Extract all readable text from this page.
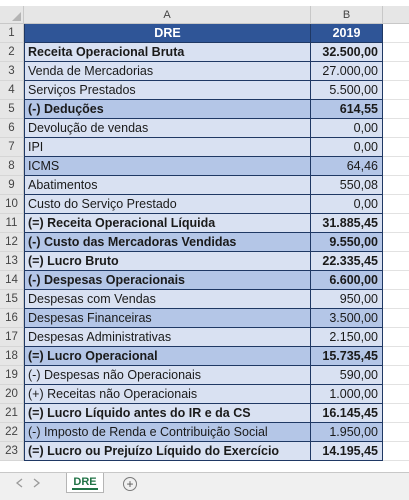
A	B
1	DRE	2019
2	Receita Operacional Bruta	32.500,00
3	Venda de Mercadorias	27.000,00
4	Serviços Prestados	5.500,00
5	(-) Deduções	614,55
6	Devolução de vendas	0,00
7	IPI	0,00
8	ICMS	64,46
9	Abatimentos	550,08
10 Custo do Serviço Prestado	0,00
11 (=) Receita Operacional Líquida	31.885,45
12 (-) Custo das Mercadoras Vendidas	9.550,00
13 (=) Lucro Bruto	22.335,45
14 (-) Despesas Operacionais	6.600,00
15 Despesas com Vendas	950,00
16 Despesas Financeiras	3.500,00
17 Despesas Administrativas	2.150,00
18 (=) Lucro Operacional	15.735,45
19 (-) Despesas não Operacionais	590,00
20 (+) Receitas não Operacionais	1.000,00
21 (=) Lucro Líquido antes do IR e da CS	16.145,45
22 (-) Imposto de Renda e Contribuição Social	1.950,00
23 (=) Lucro ou Prejuízo Líquido do Exercício	14.195,45
DRE	+
